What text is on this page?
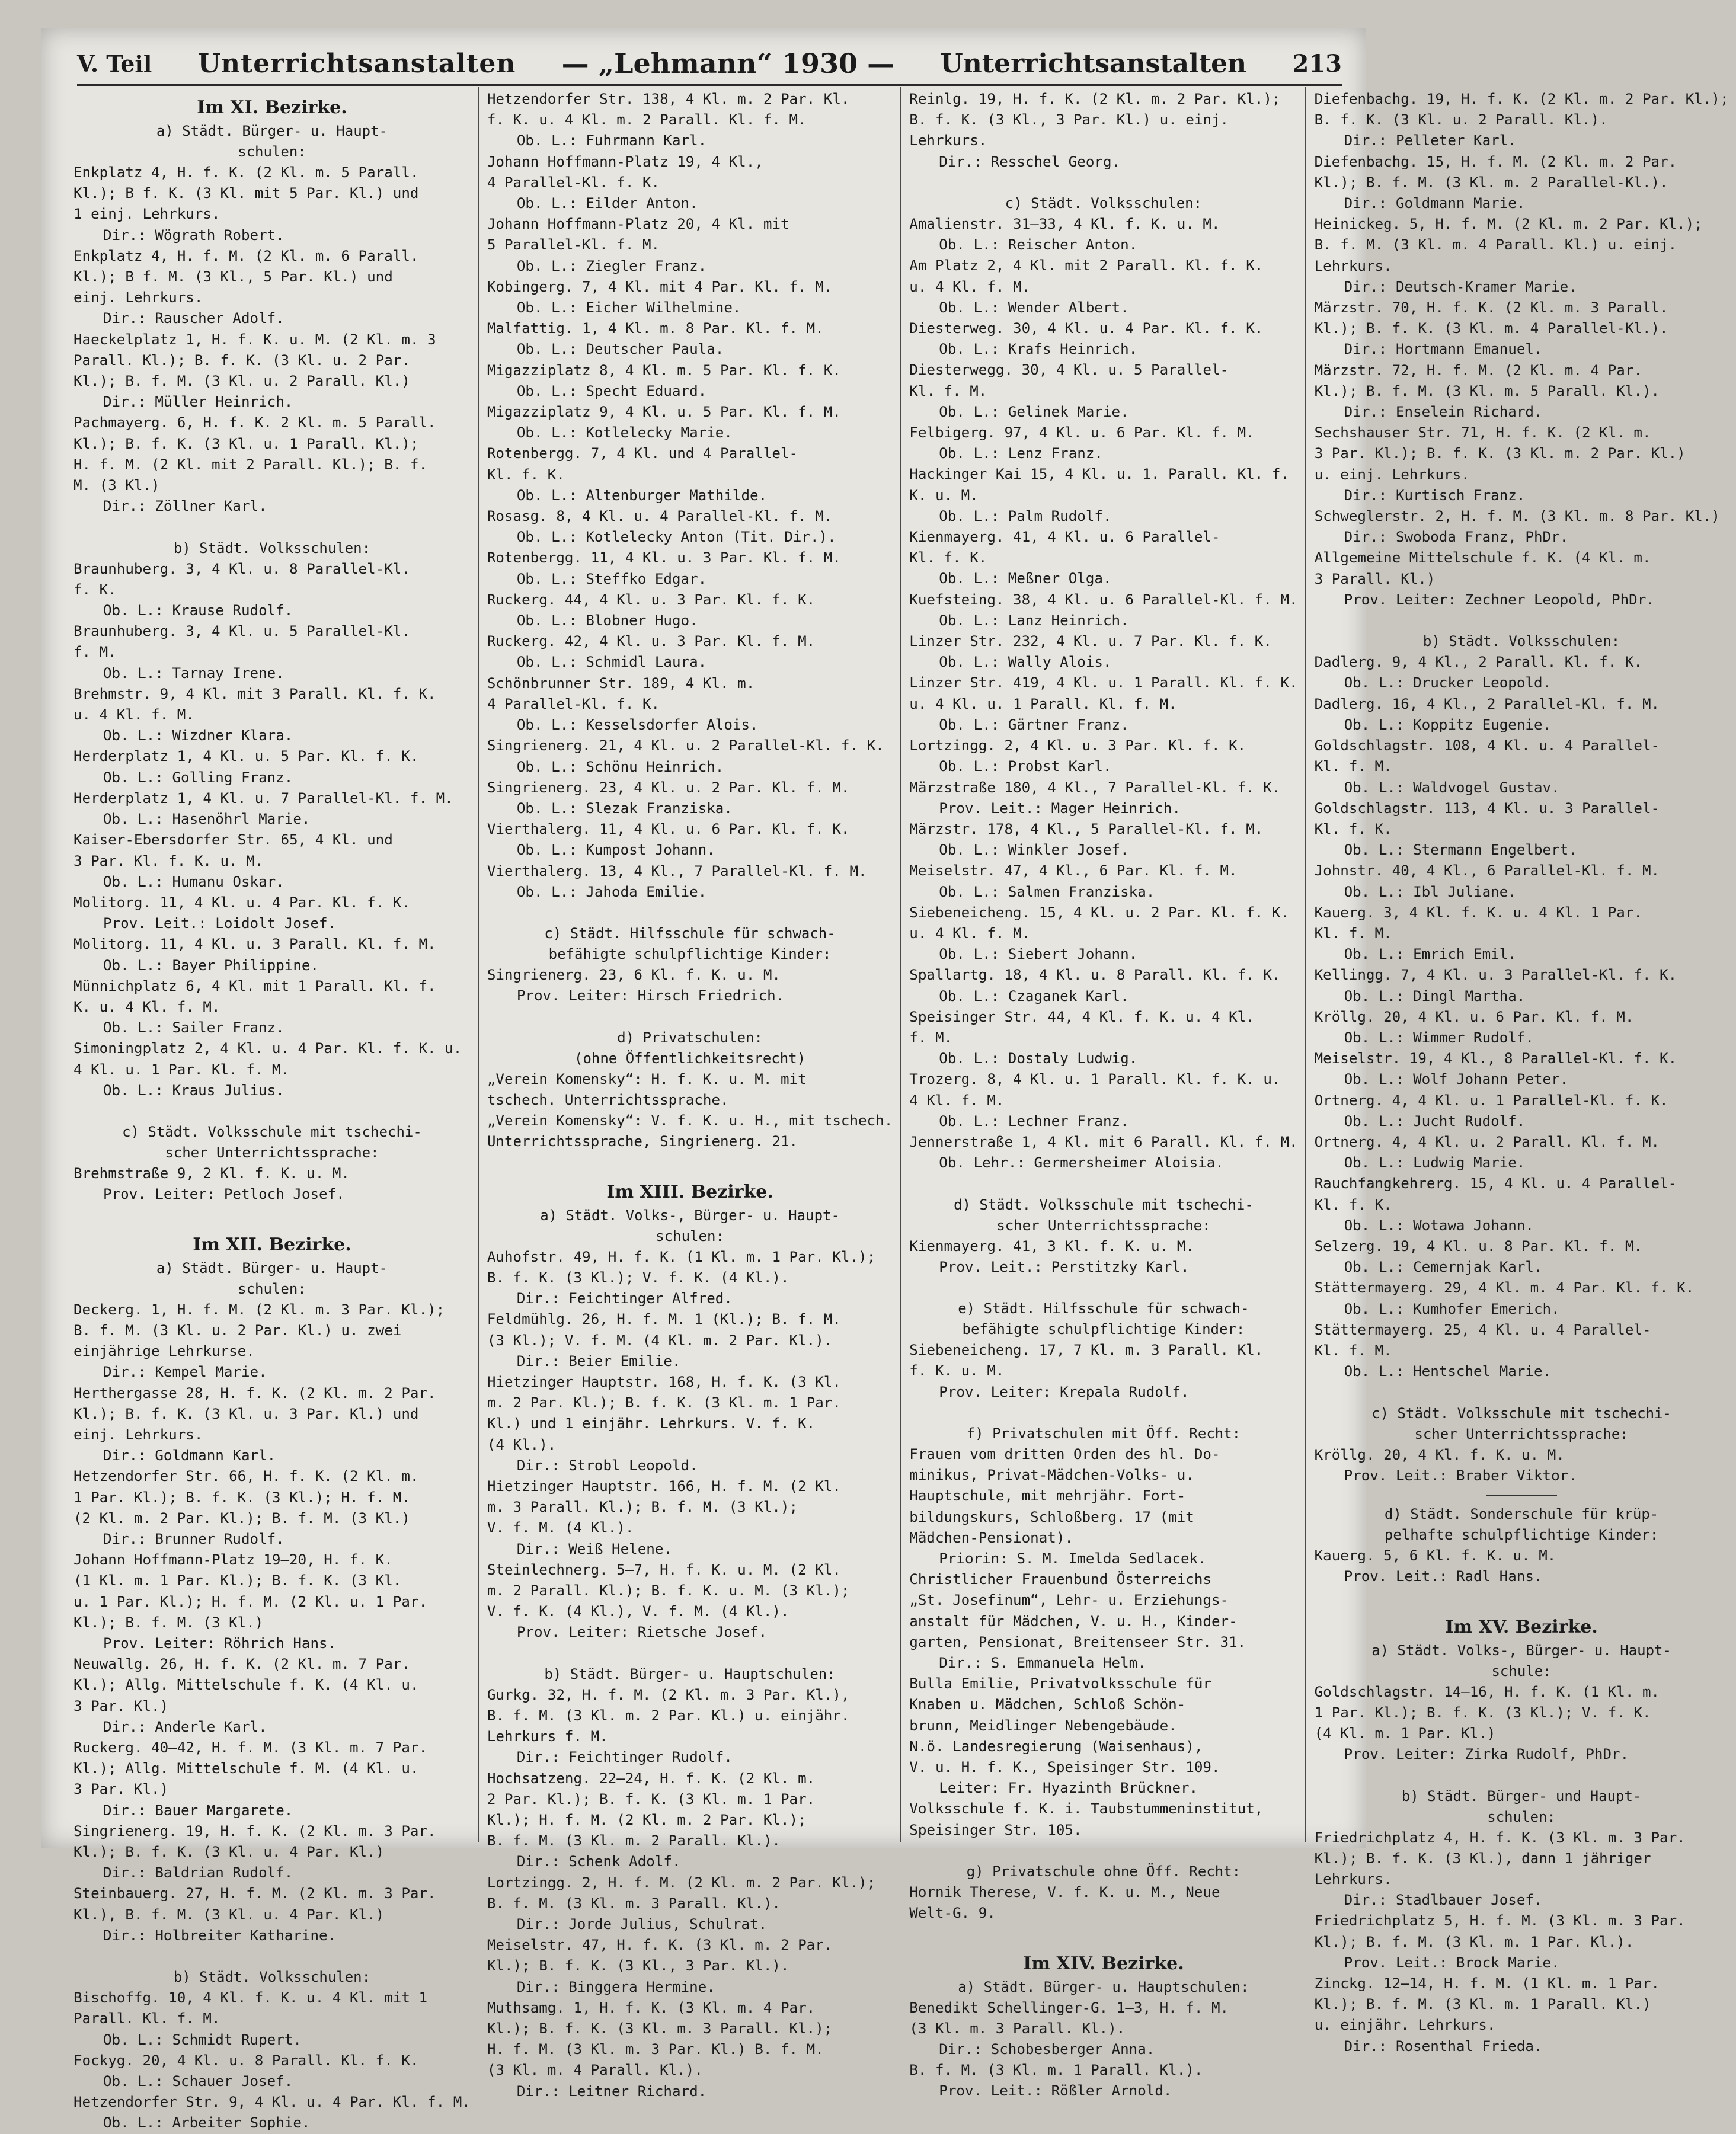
V. Teil Unterrichtsanstalten — „Lehmann“ 1930 — Unterrichtsanstalten 213
Im XI. Bezirke.
a) Städt. Bürger- u. Haupt-
schulen:
Enkplatz 4, H. f. K. (2 Kl. m. 5 Parall.
Kl.); B f. K. (3 Kl. mit 5 Par. Kl.) und
1 einj. Lehrkurs.
Dir.: Wögrath Robert.
Enkplatz 4, H. f. M. (2 Kl. m. 6 Parall.
Kl.); B f. M. (3 Kl., 5 Par. Kl.) und
einj. Lehrkurs.
Dir.: Rauscher Adolf.
Haeckelplatz 1, H. f. K. u. M. (2 Kl. m. 3
Parall. Kl.); B. f. K. (3 Kl. u. 2 Par.
Kl.); B. f. M. (3 Kl. u. 2 Parall. Kl.)
Dir.: Müller Heinrich.
Pachmayerg. 6, H. f. K. 2 Kl. m. 5 Parall.
Kl.); B. f. K. (3 Kl. u. 1 Parall. Kl.);
H. f. M. (2 Kl. mit 2 Parall. Kl.); B. f.
M. (3 Kl.)
Dir.: Zöllner Karl.

b) Städt. Volksschulen:
Braunhuberg. 3, 4 Kl. u. 8 Parallel-Kl.
f. K.
Ob. L.: Krause Rudolf.
Braunhuberg. 3, 4 Kl. u. 5 Parallel-Kl.
f. M.
Ob. L.: Tarnay Irene.
Brehmstr. 9, 4 Kl. mit 3 Parall. Kl. f. K.
u. 4 Kl. f. M.
Ob. L.: Wizdner Klara.
Herderplatz 1, 4 Kl. u. 5 Par. Kl. f. K.
Ob. L.: Golling Franz.
Herderplatz 1, 4 Kl. u. 7 Parallel-Kl. f. M.
Ob. L.: Hasenöhrl Marie.
Kaiser-Ebersdorfer Str. 65, 4 Kl. und
3 Par. Kl. f. K. u. M.
Ob. L.: Humanu Oskar.
Molitorg. 11, 4 Kl. u. 4 Par. Kl. f. K.
Prov. Leit.: Loidolt Josef.
Molitorg. 11, 4 Kl. u. 3 Parall. Kl. f. M.
Ob. L.: Bayer Philippine.
Münnichplatz 6, 4 Kl. mit 1 Parall. Kl. f.
K. u. 4 Kl. f. M.
Ob. L.: Sailer Franz.
Simoningplatz 2, 4 Kl. u. 4 Par. Kl. f. K. u.
4 Kl. u. 1 Par. Kl. f. M.
Ob. L.: Kraus Julius.

c) Städt. Volksschule mit tschechi-
scher Unterrichtssprache:
Brehmstraße 9, 2 Kl. f. K. u. M.
Prov. Leiter: Petloch Josef.

Im XII. Bezirke.
a) Städt. Bürger- u. Haupt-
schulen:
Deckerg. 1, H. f. M. (2 Kl. m. 3 Par. Kl.);
B. f. M. (3 Kl. u. 2 Par. Kl.) u. zwei
einjährige Lehrkurse.
Dir.: Kempel Marie.
Herthergasse 28, H. f. K. (2 Kl. m. 2 Par.
Kl.); B. f. K. (3 Kl. u. 3 Par. Kl.) und
einj. Lehrkurs.
Dir.: Goldmann Karl.
Hetzendorfer Str. 66, H. f. K. (2 Kl. m.
1 Par. Kl.); B. f. K. (3 Kl.); H. f. M.
(2 Kl. m. 2 Par. Kl.); B. f. M. (3 Kl.)
Dir.: Brunner Rudolf.
Johann Hoffmann-Platz 19—20, H. f. K.
(1 Kl. m. 1 Par. Kl.); B. f. K. (3 Kl.
u. 1 Par. Kl.); H. f. M. (2 Kl. u. 1 Par.
Kl.); B. f. M. (3 Kl.)
Prov. Leiter: Röhrich Hans.
Neuwallg. 26, H. f. K. (2 Kl. m. 7 Par.
Kl.); Allg. Mittelschule f. K. (4 Kl. u.
3 Par. Kl.)
Dir.: Anderle Karl.
Ruckerg. 40—42, H. f. M. (3 Kl. m. 7 Par.
Kl.); Allg. Mittelschule f. M. (4 Kl. u.
3 Par. Kl.)
Dir.: Bauer Margarete.
Singrienerg. 19, H. f. K. (2 Kl. m. 3 Par.
Kl.); B. f. K. (3 Kl. u. 4 Par. Kl.)
Dir.: Baldrian Rudolf.
Steinbauerg. 27, H. f. M. (2 Kl. m. 3 Par.
Kl.), B. f. M. (3 Kl. u. 4 Par. Kl.)
Dir.: Holbreiter Katharine.

b) Städt. Volksschulen:
Bischoffg. 10, 4 Kl. f. K. u. 4 Kl. mit 1
Parall. Kl. f. M.
Ob. L.: Schmidt Rupert.
Fockyg. 20, 4 Kl. u. 8 Parall. Kl. f. K.
Ob. L.: Schauer Josef.
Hetzendorfer Str. 9, 4 Kl. u. 4 Par. Kl. f. M.
Ob. L.: Arbeiter Sophie.
Hetzendorfer Str. 138, 4 Kl. m. 2 Par. Kl.
f. K. u. 4 Kl. m. 2 Parall. Kl. f. M.
Ob. L.: Fuhrmann Karl.
Johann Hoffmann-Platz 19, 4 Kl.,
4 Parallel-Kl. f. K.
Ob. L.: Eilder Anton.
Johann Hoffmann-Platz 20, 4 Kl. mit
5 Parallel-Kl. f. M.
Ob. L.: Ziegler Franz.
Kobingerg. 7, 4 Kl. mit 4 Par. Kl. f. M.
Ob. L.: Eicher Wilhelmine.
Malfattig. 1, 4 Kl. m. 8 Par. Kl. f. M.
Ob. L.: Deutscher Paula.
Migazziplatz 8, 4 Kl. m. 5 Par. Kl. f. K.
Ob. L.: Specht Eduard.
Migazziplatz 9, 4 Kl. u. 5 Par. Kl. f. M.
Ob. L.: Kotlelecky Marie.
Rotenbergg. 7, 4 Kl. und 4 Parallel-
Kl. f. K.
Ob. L.: Altenburger Mathilde.
Rosasg. 8, 4 Kl. u. 4 Parallel-Kl. f. M.
Ob. L.: Kotlelecky Anton (Tit. Dir.).
Rotenbergg. 11, 4 Kl. u. 3 Par. Kl. f. M.
Ob. L.: Steffko Edgar.
Ruckerg. 44, 4 Kl. u. 3 Par. Kl. f. K.
Ob. L.: Blobner Hugo.
Ruckerg. 42, 4 Kl. u. 3 Par. Kl. f. M.
Ob. L.: Schmidl Laura.
Schönbrunner Str. 189, 4 Kl. m.
4 Parallel-Kl. f. K.
Ob. L.: Kesselsdorfer Alois.
Singrienerg. 21, 4 Kl. u. 2 Parallel-Kl. f. K.
Ob. L.: Schönu Heinrich.
Singrienerg. 23, 4 Kl. u. 2 Par. Kl. f. M.
Ob. L.: Slezak Franziska.
Vierthalerg. 11, 4 Kl. u. 6 Par. Kl. f. K.
Ob. L.: Kumpost Johann.
Vierthalerg. 13, 4 Kl., 7 Parallel-Kl. f. M.
Ob. L.: Jahoda Emilie.

c) Städt. Hilfsschule für schwach-
befähigte schulpflichtige Kinder:
Singrienerg. 23, 6 Kl. f. K. u. M.
Prov. Leiter: Hirsch Friedrich.

d) Privatschulen:
(ohne Öffentlichkeitsrecht)
„Verein Komensky“: H. f. K. u. M. mit
tschech. Unterrichtssprache.
„Verein Komensky“: V. f. K. u. H., mit tschech.
Unterrichtssprache, Singrienerg. 21.

Im XIII. Bezirke.
a) Städt. Volks-, Bürger- u. Haupt-
schulen:
Auhofstr. 49, H. f. K. (1 Kl. m. 1 Par. Kl.);
B. f. K. (3 Kl.); V. f. K. (4 Kl.).
Dir.: Feichtinger Alfred.
Feldmühlg. 26, H. f. M. 1 (Kl.); B. f. M.
(3 Kl.); V. f. M. (4 Kl. m. 2 Par. Kl.).
Dir.: Beier Emilie.
Hietzinger Hauptstr. 168, H. f. K. (3 Kl.
m. 2 Par. Kl.); B. f. K. (3 Kl. m. 1 Par.
Kl.) und 1 einjähr. Lehrkurs. V. f. K.
(4 Kl.).
Dir.: Strobl Leopold.
Hietzinger Hauptstr. 166, H. f. M. (2 Kl.
m. 3 Parall. Kl.); B. f. M. (3 Kl.);
V. f. M. (4 Kl.).
Dir.: Weiß Helene.
Steinlechnerg. 5—7, H. f. K. u. M. (2 Kl.
m. 2 Parall. Kl.); B. f. K. u. M. (3 Kl.);
V. f. K. (4 Kl.), V. f. M. (4 Kl.).
Prov. Leiter: Rietsche Josef.

b) Städt. Bürger- u. Hauptschulen:
Gurkg. 32, H. f. M. (2 Kl. m. 3 Par. Kl.),
B. f. M. (3 Kl. m. 2 Par. Kl.) u. einjähr.
Lehrkurs f. M.
Dir.: Feichtinger Rudolf.
Hochsatzeng. 22—24, H. f. K. (2 Kl. m.
2 Par. Kl.); B. f. K. (3 Kl. m. 1 Par.
Kl.); H. f. M. (2 Kl. m. 2 Par. Kl.);
B. f. M. (3 Kl. m. 2 Parall. Kl.).
Dir.: Schenk Adolf.
Lortzingg. 2, H. f. M. (2 Kl. m. 2 Par. Kl.);
B. f. M. (3 Kl. m. 3 Parall. Kl.).
Dir.: Jorde Julius, Schulrat.
Meiselstr. 47, H. f. K. (3 Kl. m. 2 Par.
Kl.); B. f. K. (3 Kl., 3 Par. Kl.).
Dir.: Binggera Hermine.
Muthsamg. 1, H. f. K. (3 Kl. m. 4 Par.
Kl.); B. f. K. (3 Kl. m. 3 Parall. Kl.);
H. f. M. (3 Kl. m. 3 Par. Kl.) B. f. M.
(3 Kl. m. 4 Parall. Kl.).
Dir.: Leitner Richard.
Reinlg. 19, H. f. K. (2 Kl. m. 2 Par. Kl.);
B. f. K. (3 Kl., 3 Par. Kl.) u. einj.
Lehrkurs.
Dir.: Resschel Georg.

c) Städt. Volksschulen:
Amalienstr. 31—33, 4 Kl. f. K. u. M.
Ob. L.: Reischer Anton.
Am Platz 2, 4 Kl. mit 2 Parall. Kl. f. K.
u. 4 Kl. f. M.
Ob. L.: Wender Albert.
Diesterweg. 30, 4 Kl. u. 4 Par. Kl. f. K.
Ob. L.: Krafs Heinrich.
Diesterwegg. 30, 4 Kl. u. 5 Parallel-
Kl. f. M.
Ob. L.: Gelinek Marie.
Felbigerg. 97, 4 Kl. u. 6 Par. Kl. f. M.
Ob. L.: Lenz Franz.
Hackinger Kai 15, 4 Kl. u. 1. Parall. Kl. f.
K. u. M.
Ob. L.: Palm Rudolf.
Kienmayerg. 41, 4 Kl. u. 6 Parallel-
Kl. f. K.
Ob. L.: Meßner Olga.
Kuefsteing. 38, 4 Kl. u. 6 Parallel-Kl. f. M.
Ob. L.: Lanz Heinrich.
Linzer Str. 232, 4 Kl. u. 7 Par. Kl. f. K.
Ob. L.: Wally Alois.
Linzer Str. 419, 4 Kl. u. 1 Parall. Kl. f. K.
u. 4 Kl. u. 1 Parall. Kl. f. M.
Ob. L.: Gärtner Franz.
Lortzingg. 2, 4 Kl. u. 3 Par. Kl. f. K.
Ob. L.: Probst Karl.
Märzstraße 180, 4 Kl., 7 Parallel-Kl. f. K.
Prov. Leit.: Mager Heinrich.
Märzstr. 178, 4 Kl., 5 Parallel-Kl. f. M.
Ob. L.: Winkler Josef.
Meiselstr. 47, 4 Kl., 6 Par. Kl. f. M.
Ob. L.: Salmen Franziska.
Siebeneicheng. 15, 4 Kl. u. 2 Par. Kl. f. K.
u. 4 Kl. f. M.
Ob. L.: Siebert Johann.
Spallartg. 18, 4 Kl. u. 8 Parall. Kl. f. K.
Ob. L.: Czaganek Karl.
Speisinger Str. 44, 4 Kl. f. K. u. 4 Kl.
f. M.
Ob. L.: Dostaly Ludwig.
Trozerg. 8, 4 Kl. u. 1 Parall. Kl. f. K. u.
4 Kl. f. M.
Ob. L.: Lechner Franz.
Jennerstraße 1, 4 Kl. mit 6 Parall. Kl. f. M.
Ob. Lehr.: Germersheimer Aloisia.

d) Städt. Volksschule mit tschechi-
scher Unterrichtssprache:
Kienmayerg. 41, 3 Kl. f. K. u. M.
Prov. Leit.: Perstitzky Karl.

e) Städt. Hilfsschule für schwach-
befähigte schulpflichtige Kinder:
Siebeneicheng. 17, 7 Kl. m. 3 Parall. Kl.
f. K. u. M.
Prov. Leiter: Krepala Rudolf.

f) Privatschulen mit Öff. Recht:
Frauen vom dritten Orden des hl. Do-
minikus, Privat-Mädchen-Volks- u.
Hauptschule, mit mehrjähr. Fort-
bildungskurs, Schloßberg. 17 (mit
Mädchen-Pensionat).
Priorin: S. M. Imelda Sedlacek.
Christlicher Frauenbund Österreichs
„St. Josefinum“, Lehr- u. Erziehungs-
anstalt für Mädchen, V. u. H., Kinder-
garten, Pensionat, Breitenseer Str. 31.
Dir.: S. Emmanuela Helm.
Bulla Emilie, Privatvolksschule für
Knaben u. Mädchen, Schloß Schön-
brunn, Meidlinger Nebengebäude.
N.ö. Landesregierung (Waisenhaus),
V. u. H. f. K., Speisinger Str. 109.
Leiter: Fr. Hyazinth Brückner.
Volksschule f. K. i. Taubstummeninstitut,
Speisinger Str. 105.

g) Privatschule ohne Öff. Recht:
Hornik Therese, V. f. K. u. M., Neue
Welt-G. 9.

Im XIV. Bezirke.
a) Städt. Bürger- u. Hauptschulen:
Benedikt Schellinger-G. 1—3, H. f. M.
(3 Kl. m. 3 Parall. Kl.).
Dir.: Schobesberger Anna.
B. f. M. (3 Kl. m. 1 Parall. Kl.).
Prov. Leit.: Rößler Arnold.
Diefenbachg. 19, H. f. K. (2 Kl. m. 2 Par. Kl.);
B. f. K. (3 Kl. u. 2 Parall. Kl.).
Dir.: Pelleter Karl.
Diefenbachg. 15, H. f. M. (2 Kl. m. 2 Par.
Kl.); B. f. M. (3 Kl. m. 2 Parallel-Kl.).
Dir.: Goldmann Marie.
Heinickeg. 5, H. f. M. (2 Kl. m. 2 Par. Kl.);
B. f. M. (3 Kl. m. 4 Parall. Kl.) u. einj.
Lehrkurs.
Dir.: Deutsch-Kramer Marie.
Märzstr. 70, H. f. K. (2 Kl. m. 3 Parall.
Kl.); B. f. K. (3 Kl. m. 4 Parallel-Kl.).
Dir.: Hortmann Emanuel.
Märzstr. 72, H. f. M. (2 Kl. m. 4 Par.
Kl.); B. f. M. (3 Kl. m. 5 Parall. Kl.).
Dir.: Enselein Richard.
Sechshauser Str. 71, H. f. K. (2 Kl. m.
3 Par. Kl.); B. f. K. (3 Kl. m. 2 Par. Kl.)
u. einj. Lehrkurs.
Dir.: Kurtisch Franz.
Schweglerstr. 2, H. f. M. (3 Kl. m. 8 Par. Kl.)
Dir.: Swoboda Franz, PhDr.
Allgemeine Mittelschule f. K. (4 Kl. m.
3 Parall. Kl.)
Prov. Leiter: Zechner Leopold, PhDr.

b) Städt. Volksschulen:
Dadlerg. 9, 4 Kl., 2 Parall. Kl. f. K.
Ob. L.: Drucker Leopold.
Dadlerg. 16, 4 Kl., 2 Parallel-Kl. f. M.
Ob. L.: Koppitz Eugenie.
Goldschlagstr. 108, 4 Kl. u. 4 Parallel-
Kl. f. M.
Ob. L.: Waldvogel Gustav.
Goldschlagstr. 113, 4 Kl. u. 3 Parallel-
Kl. f. K.
Ob. L.: Stermann Engelbert.
Johnstr. 40, 4 Kl., 6 Parallel-Kl. f. M.
Ob. L.: Ibl Juliane.
Kauerg. 3, 4 Kl. f. K. u. 4 Kl. 1 Par.
Kl. f. M.
Ob. L.: Emrich Emil.
Kellingg. 7, 4 Kl. u. 3 Parallel-Kl. f. K.
Ob. L.: Dingl Martha.
Kröllg. 20, 4 Kl. u. 6 Par. Kl. f. M.
Ob. L.: Wimmer Rudolf.
Meiselstr. 19, 4 Kl., 8 Parallel-Kl. f. K.
Ob. L.: Wolf Johann Peter.
Ortnerg. 4, 4 Kl. u. 1 Parallel-Kl. f. K.
Ob. L.: Jucht Rudolf.
Ortnerg. 4, 4 Kl. u. 2 Parall. Kl. f. M.
Ob. L.: Ludwig Marie.
Rauchfangkehrerg. 15, 4 Kl. u. 4 Parallel-
Kl. f. K.
Ob. L.: Wotawa Johann.
Selzerg. 19, 4 Kl. u. 8 Par. Kl. f. M.
Ob. L.: Cemernjak Karl.
Stättermayerg. 29, 4 Kl. m. 4 Par. Kl. f. K.
Ob. L.: Kumhofer Emerich.
Stättermayerg. 25, 4 Kl. u. 4 Parallel-
Kl. f. M.
Ob. L.: Hentschel Marie.

c) Städt. Volksschule mit tschechi-
scher Unterrichtssprache:
Kröllg. 20, 4 Kl. f. K. u. M.
Prov. Leit.: Braber Viktor.
d) Städt. Sonderschule für krüp-
pelhafte schulpflichtige Kinder:
Kauerg. 5, 6 Kl. f. K. u. M.
Prov. Leit.: Radl Hans.

Im XV. Bezirke.
a) Städt. Volks-, Bürger- u. Haupt-
schule:
Goldschlagstr. 14—16, H. f. K. (1 Kl. m.
1 Par. Kl.); B. f. K. (3 Kl.); V. f. K.
(4 Kl. m. 1 Par. Kl.)
Prov. Leiter: Zirka Rudolf, PhDr.

b) Städt. Bürger- und Haupt-
schulen:
Friedrichplatz 4, H. f. K. (3 Kl. m. 3 Par.
Kl.); B. f. K. (3 Kl.), dann 1 jähriger
Lehrkurs.
Dir.: Stadlbauer Josef.
Friedrichplatz 5, H. f. M. (3 Kl. m. 3 Par.
Kl.); B. f. M. (3 Kl. m. 1 Par. Kl.).
Prov. Leit.: Brock Marie.
Zinckg. 12—14, H. f. M. (1 Kl. m. 1 Par.
Kl.); B. f. M. (3 Kl. m. 1 Parall. Kl.)
u. einjähr. Lehrkurs.
Dir.: Rosenthal Frieda.
